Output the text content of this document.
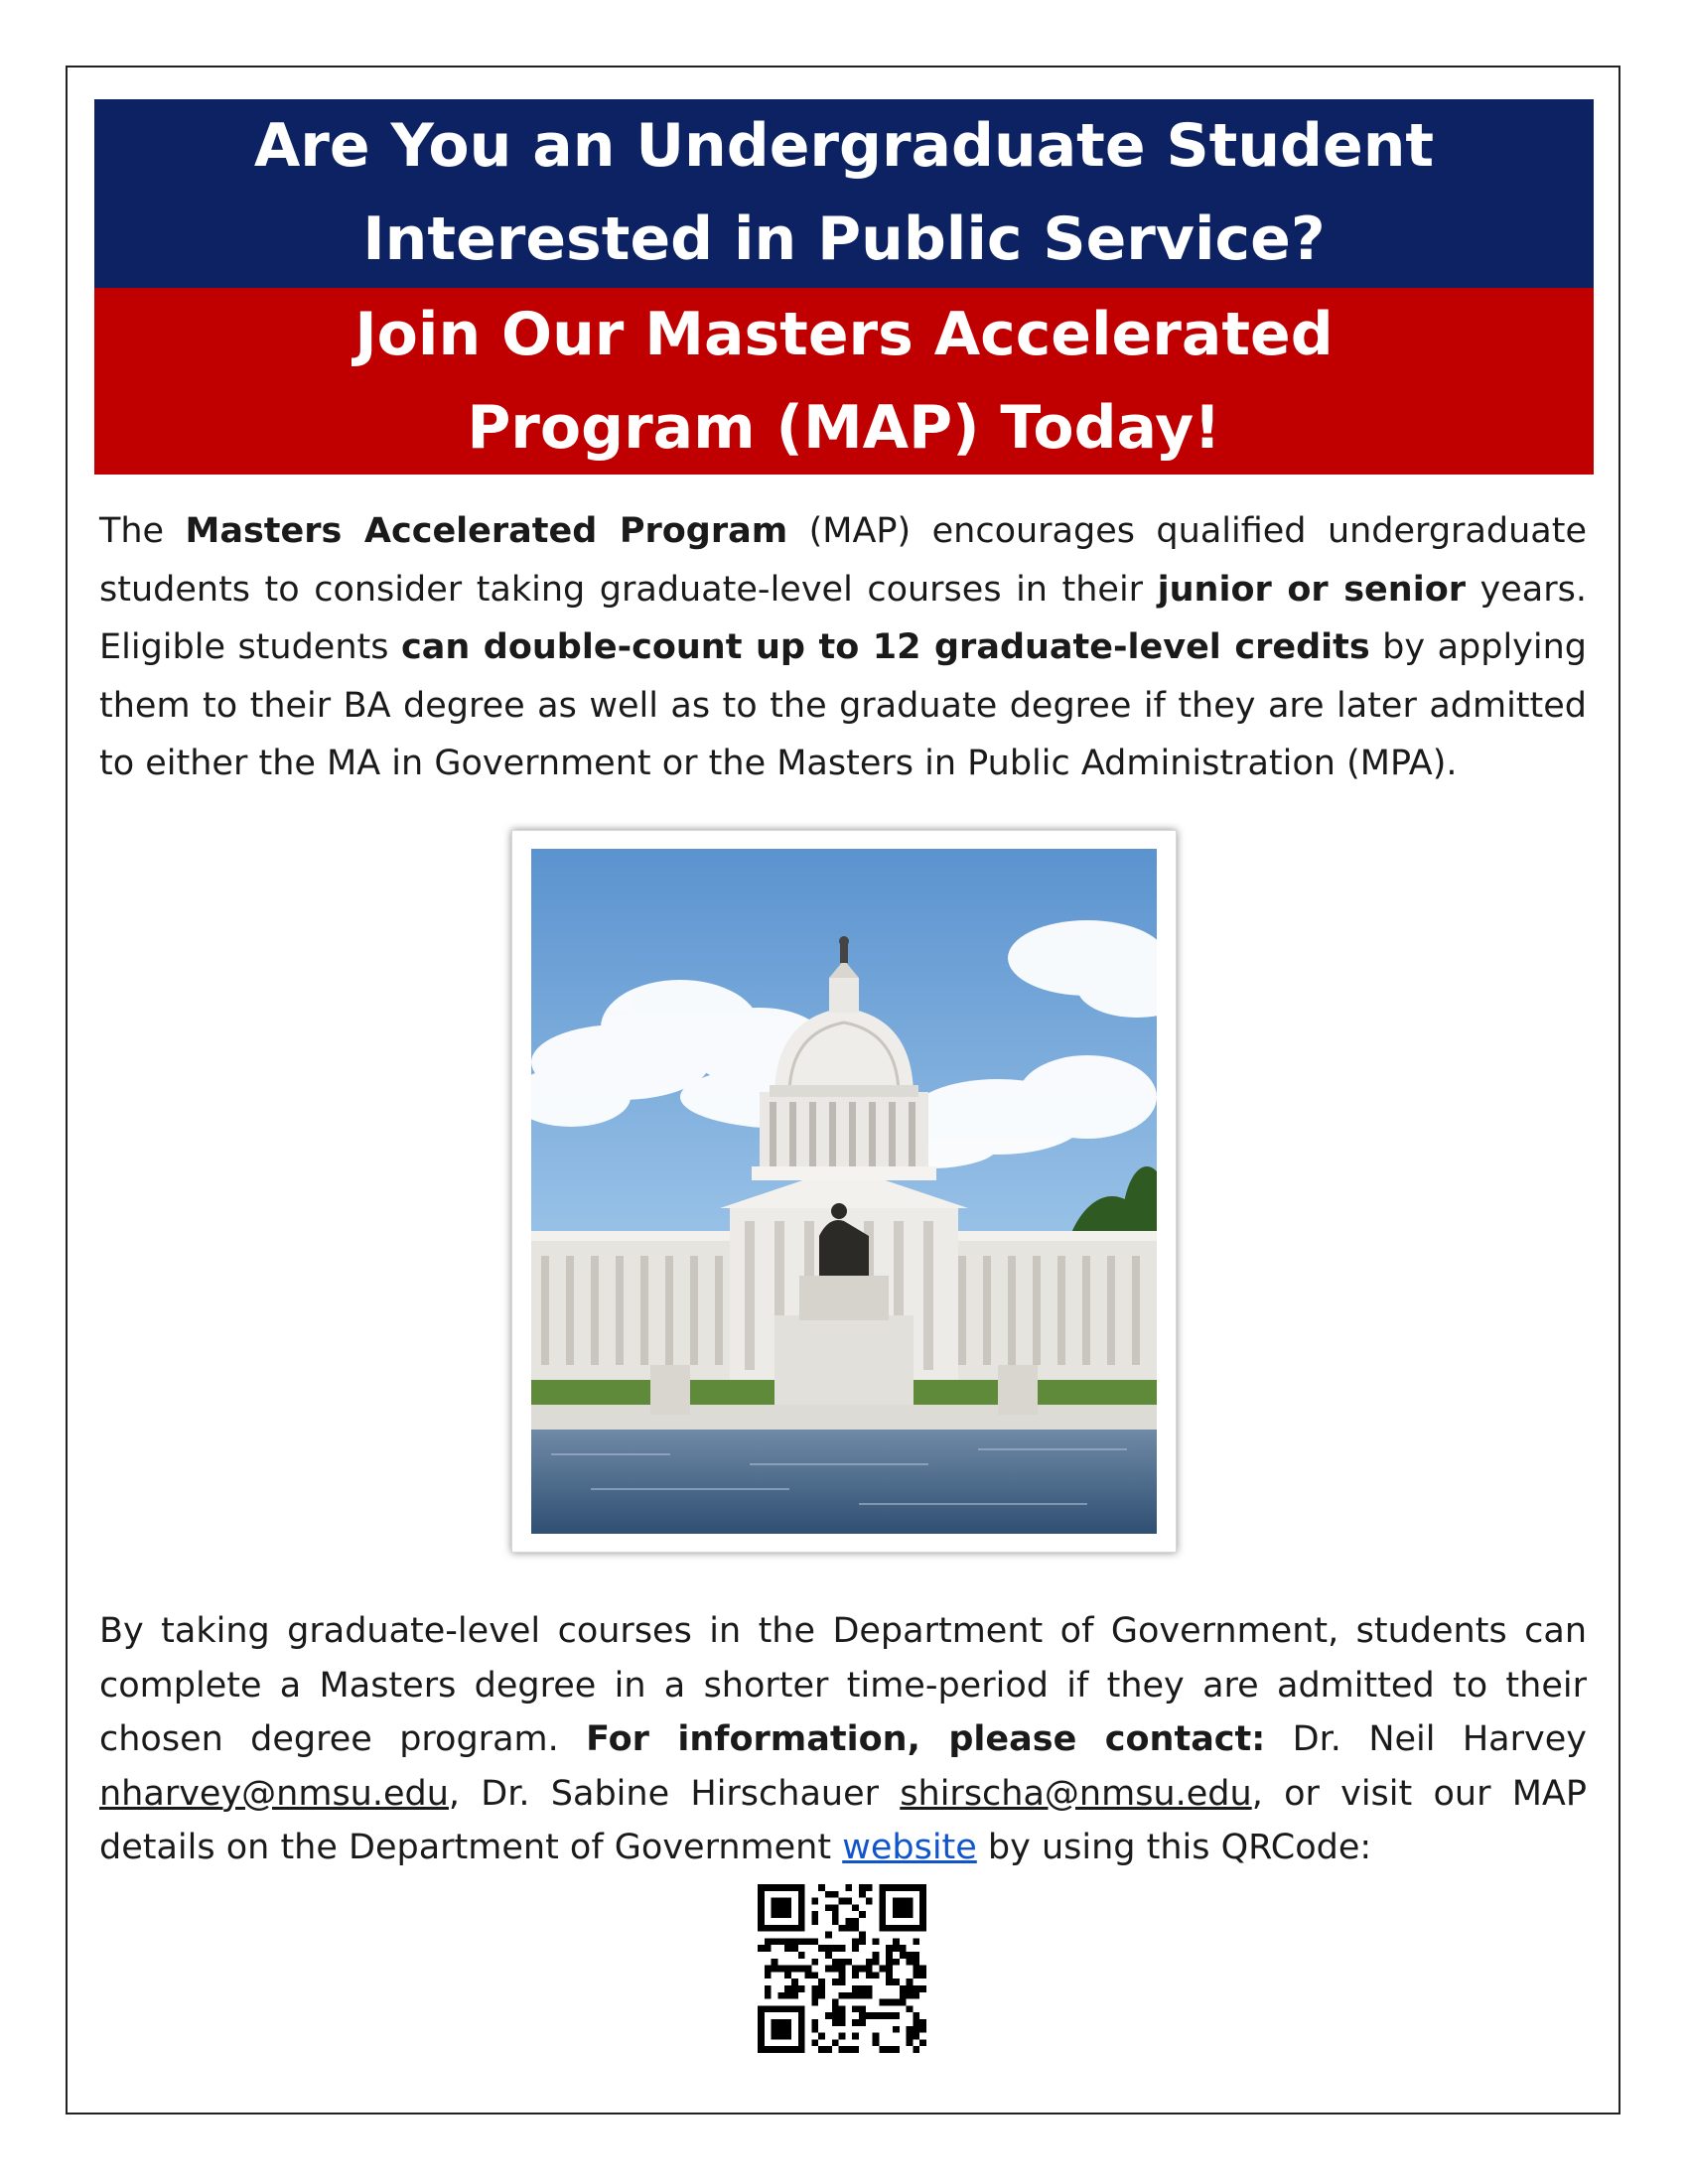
Are You an Undergraduate Student
Interested in Public Service?
Join Our Masters Accelerated
Program (MAP) Today!

The Masters Accelerated Program (MAP) encourages qualified undergraduate students to consider taking graduate-level courses in their junior or senior years. Eligible students can double-count up to 12 graduate-level credits by applying them to their BA degree as well as to the graduate degree if they are later admitted to either the MA in Government or the Masters in Public Administration (MPA).

By taking graduate-level courses in the Department of Government, students can complete a Masters degree in a shorter time-period if they are admitted to their chosen degree program. For information, please contact: Dr. Neil Harvey nharvey@nmsu.edu, Dr. Sabine Hirschauer shirscha@nmsu.edu, or visit our MAP details on the Department of Government website by using this QRCode:
